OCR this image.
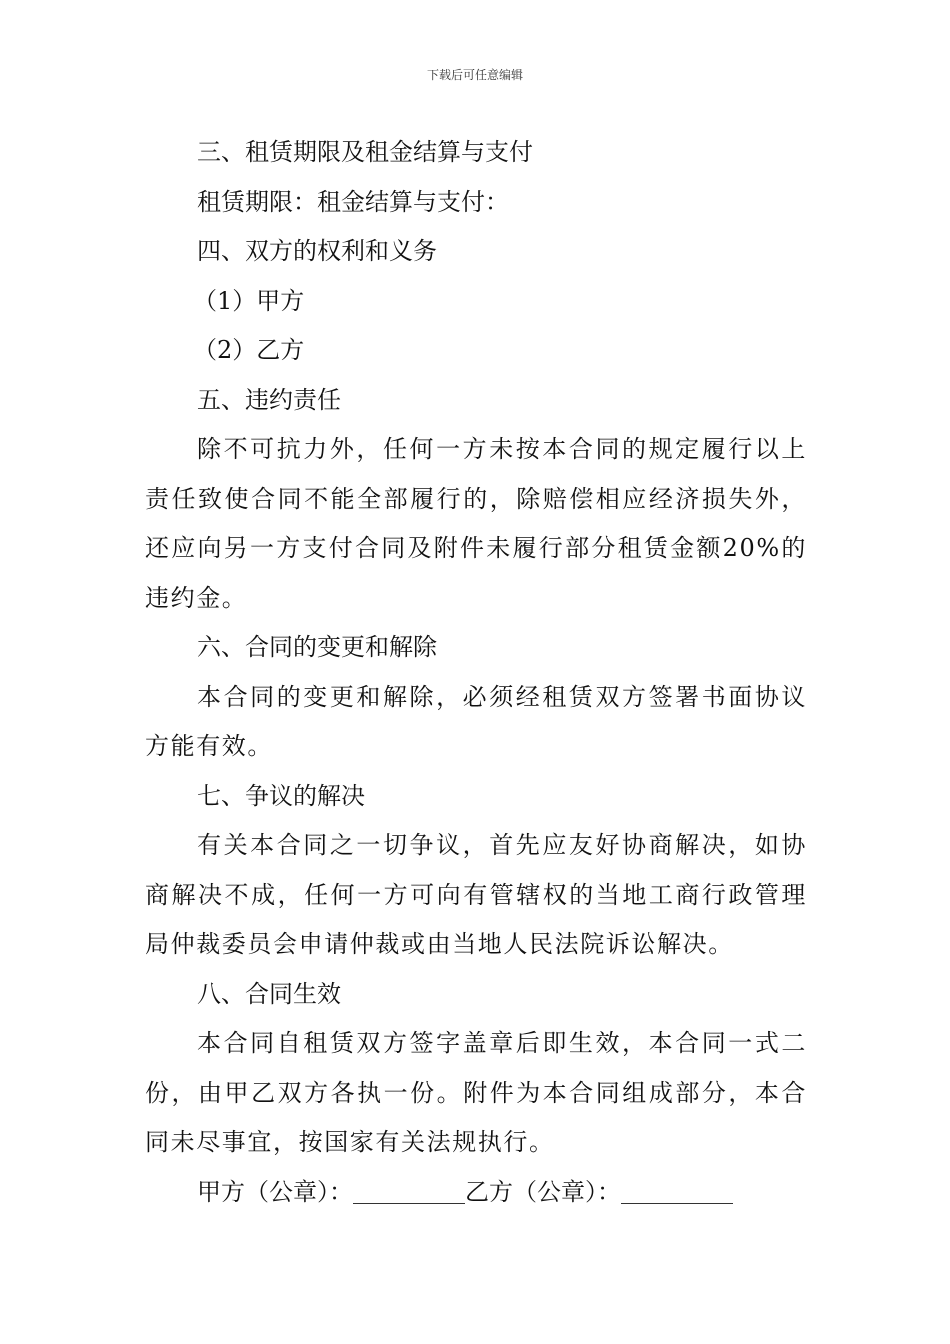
下载后可任意编辑

三、租赁期限及租金结算与支付

租赁期限：租金结算与支付：

四、双方的权利和义务

（1）甲方

（2）乙方

五、违约责任

除不可抗力外，任何一方未按本合同的规定履行以上责任致使合同不能全部履行的，除赔偿相应经济损失外，还应向另一方支付合同及附件未履行部分租赁金额20%的违约金。

六、合同的变更和解除

本合同的变更和解除，必须经租赁双方签署书面协议方能有效。

七、争议的解决

有关本合同之一切争议，首先应友好协商解决，如协商解决不成，任何一方可向有管辖权的当地工商行政管理局仲裁委员会申请仲裁或由当地人民法院诉讼解决。

八、合同生效

本合同自租赁双方签字盖章后即生效，本合同一式二份，由甲乙双方各执一份。附件为本合同组成部分，本合同未尽事宜，按国家有关法规执行。

甲方（公章）：	乙方（公章）：
